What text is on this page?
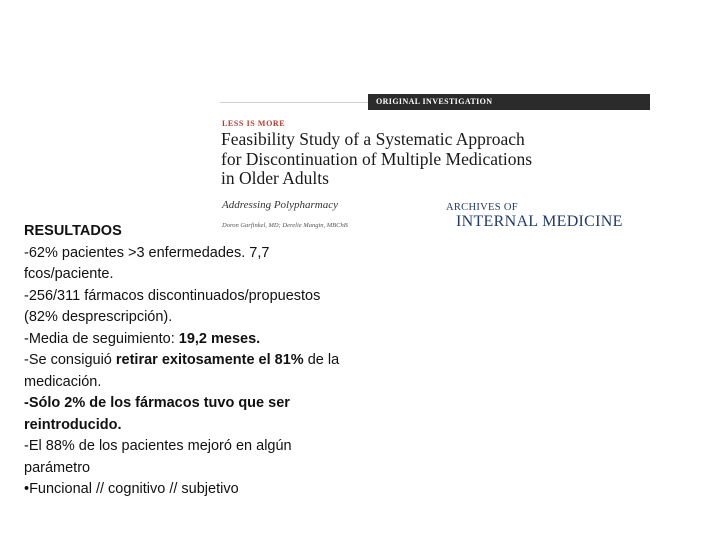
ORIGINAL INVESTIGATION
LESS IS MORE
Feasibility Study of a Systematic Approach
for Discontinuation of Multiple Medications
in Older Adults
Addressing Polypharmacy
Doron Garfinkel, MD; Derelie Mangin, MBChB
ARCHIVES OF
INTERNAL MEDICINE
RESULTADOS
-62% pacientes >3 enfermedades. 7,7
fcos/paciente.
-256/311 fármacos discontinuados/propuestos
(82% desprescripción).
-Media de seguimiento: 19,2 meses.
-Se consiguió retirar exitosamente el 81% de la
medicación.
-Sólo 2% de los fármacos tuvo que ser
reintroducido.
-El 88% de los pacientes mejoró en algún
parámetro
•Funcional // cognitivo // subjetivo
